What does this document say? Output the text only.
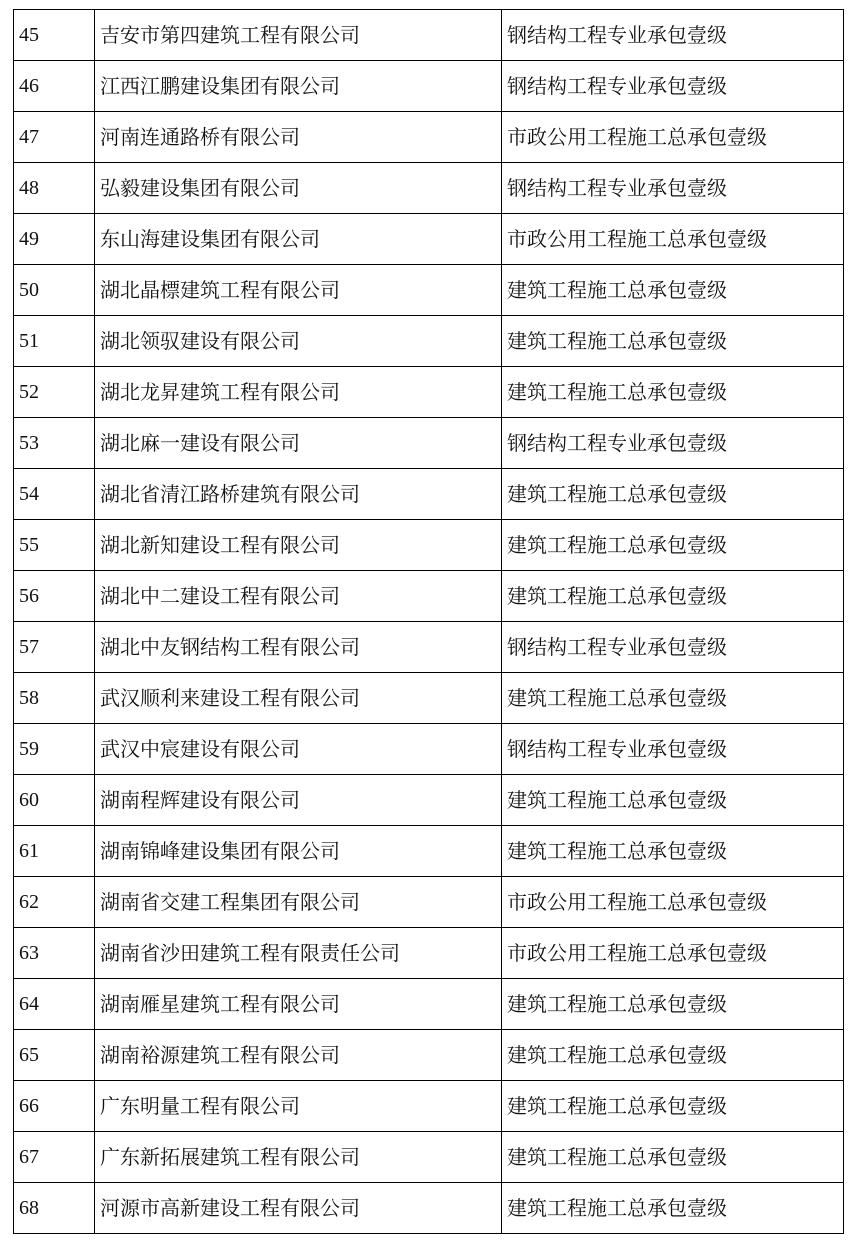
45	吉安市第四建筑工程有限公司	钢结构工程专业承包壹级
46	江西江鹏建设集团有限公司	钢结构工程专业承包壹级
47	河南连通路桥有限公司	市政公用工程施工总承包壹级
48	弘毅建设集团有限公司	钢结构工程专业承包壹级
49	东山海建设集团有限公司	市政公用工程施工总承包壹级
50	湖北晶標建筑工程有限公司	建筑工程施工总承包壹级
51	湖北领驭建设有限公司	建筑工程施工总承包壹级
52	湖北龙昇建筑工程有限公司	建筑工程施工总承包壹级
53	湖北麻一建设有限公司	钢结构工程专业承包壹级
54	湖北省清江路桥建筑有限公司	建筑工程施工总承包壹级
55	湖北新知建设工程有限公司	建筑工程施工总承包壹级
56	湖北中二建设工程有限公司	建筑工程施工总承包壹级
57	湖北中友钢结构工程有限公司	钢结构工程专业承包壹级
58	武汉顺利来建设工程有限公司	建筑工程施工总承包壹级
59	武汉中宸建设有限公司	钢结构工程专业承包壹级
60	湖南程辉建设有限公司	建筑工程施工总承包壹级
61	湖南锦峰建设集团有限公司	建筑工程施工总承包壹级
62	湖南省交建工程集团有限公司	市政公用工程施工总承包壹级
63	湖南省沙田建筑工程有限责任公司	市政公用工程施工总承包壹级
64	湖南雁星建筑工程有限公司	建筑工程施工总承包壹级
65	湖南裕源建筑工程有限公司	建筑工程施工总承包壹级
66	广东明量工程有限公司	建筑工程施工总承包壹级
67	广东新拓展建筑工程有限公司	建筑工程施工总承包壹级
68	河源市高新建设工程有限公司	建筑工程施工总承包壹级
